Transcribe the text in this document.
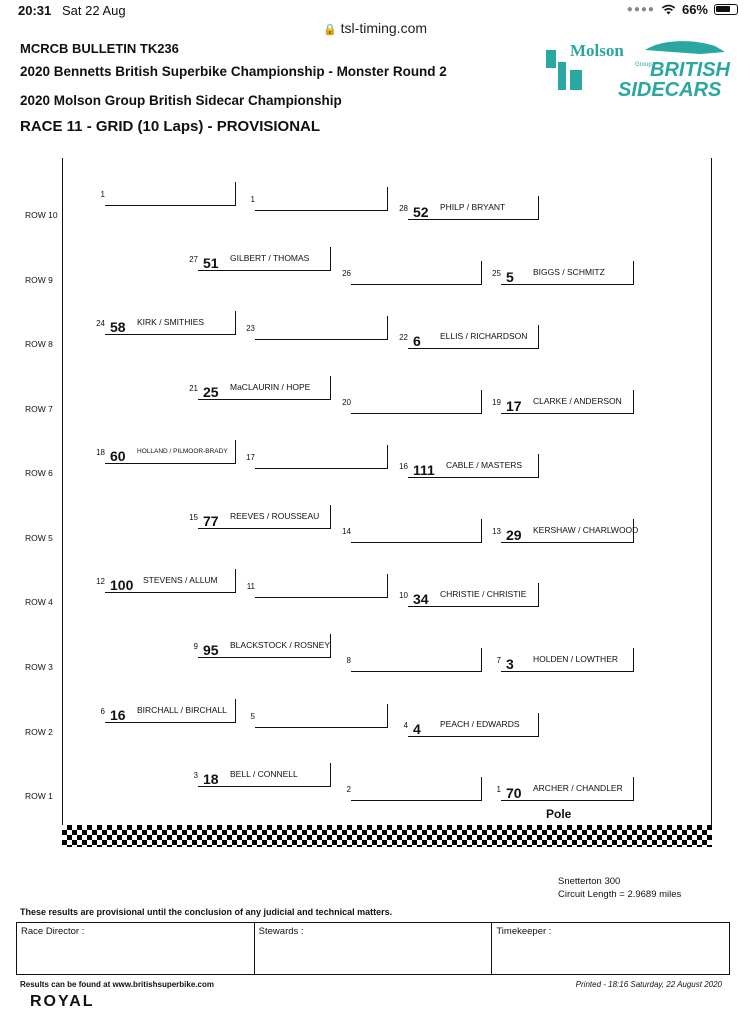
20:31 Sat 22 Aug	●●●● 66%
🔒 tsl-timing.com
MCRCB BULLETIN TK236
2020 Bennetts British Superbike Championship - Monster Round 2
2020 Molson Group British Sidecar Championship
RACE 11 - GRID (10 Laps) - PROVISIONAL
Molson
Group
BRITISH
SIDECARS
ROW 10
ROW 9
ROW 8
ROW 7
ROW 6
ROW 5
ROW 4
ROW 3
ROW 2
ROW 1
1
1
28 52 PHILP / BRYANT
27 51 GILBERT / THOMAS
26	25 5 BIGGS / SCHMITZ
24 58 KIRK / SMITHIES
23
22 6 ELLIS / RICHARDSON
21 25 MaCLAURIN / HOPE
20	19 17 CLARKE / ANDERSON
18 60 HOLLAND / PILMOOR-BRADY
17
16 111 CABLE / MASTERS
15 77 REEVES / ROUSSEAU
14	13 29 KERSHAW / CHARLWOOD
12 100 STEVENS / ALLUM
11
10 34 CHRISTIE / CHRISTIE
9 95 BLACKSTOCK / ROSNEY
8	7 3 HOLDEN / LOWTHER
6 16 BIRCHALL / BIRCHALL
5
4 4 PEACH / EDWARDS
3 18 BELL / CONNELL
2	1 70 ARCHER / CHANDLER
Pole
Snetterton 300
Circuit Length = 2.9689 miles
These results are provisional until the conclusion of any judicial and technical matters.
Race Director :	Stewards :	Timekeeper :
Results can be found at www.britishsuperbike.com	Printed - 18:16 Saturday, 22 August 2020
ROYAL
